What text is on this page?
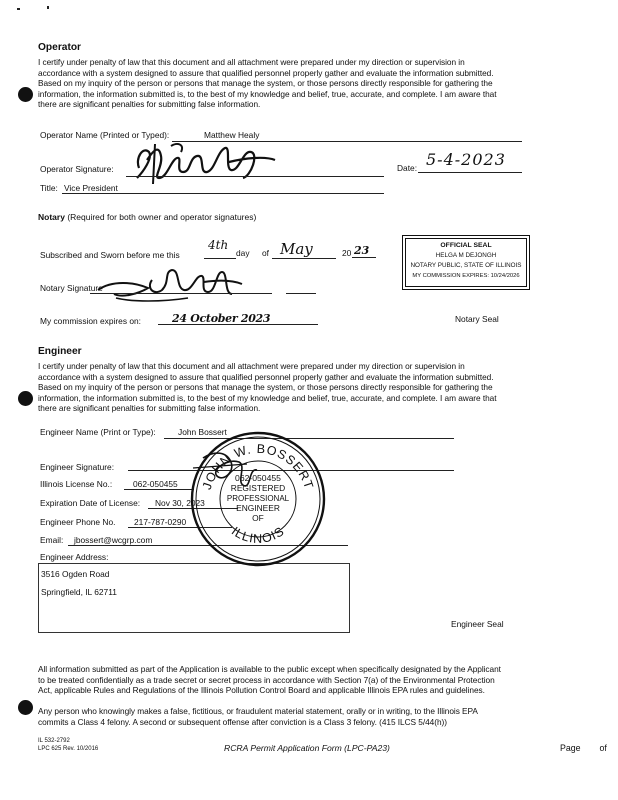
Operator
I certify under penalty of law that this document and all attachment were prepared under my direction or supervision in
accordance with a system designed to assure that qualified personnel properly gather and evaluate the information submitted.
Based on my inquiry of the person or persons that manage the system, or those persons directly responsible for gathering the
information, the information submitted is, to the best of my knowledge and belief, true, accurate, and complete. I am aware that
there are significant penalties for submitting false information.
Operator Name (Printed or Typed):	Matthew Healy
Operator Signature:	Date: 5-4-2023
Title: Vice President
Notary (Required for both owner and operator signatures)
Subscribed and Sworn before me this
4th
day of May	20 23	OFFICIAL SEAL
HELGA M DEJONGH
NOTARY PUBLIC, STATE OF ILLINOIS
MY COMMISSION EXPIRES: 10/24/2026
Notary Signature
My commission expires on:	24 October 2023	Notary Seal
Engineer
I certify under penalty of law that this document and all attachment were prepared under my direction or supervision in
accordance with a system designed to assure that qualified personnel properly gather and evaluate the information submitted.
Based on my inquiry of the person or persons that manage the system, or those persons directly responsible for gathering the
information, the information submitted is, to the best of my knowledge and belief, true, accurate, and complete. I am aware that
there are significant penalties for submitting false information.
Engineer Name (Print or Type):	John Bossert
Engineer Signature:
Illinois License No.: 062-050455
Expiration Date of License: Nov 30, 2023
Engineer Phone No. 217-787-0290
Email: jbossert@wcgrp.com
Engineer Address:
3516 Ogden Road
Springfield, IL 62711
JOHN W. BOSSERT
ILLINOIS
062-050455
REGISTERED
PROFESSIONAL
ENGINEER
OF
Engineer Seal
All information submitted as part of the Application is available to the public except when specifically designated by the Applicant
to be treated confidentially as a trade secret or secret process in accordance with Section 7(a) of the Environmental Protection
Act, applicable Rules and Regulations of the Illinois Pollution Control Board and applicable Illinois EPA rules and guidelines.
Any person who knowingly makes a false, fictitious, or fraudulent material statement, orally or in writing, to the Illinois EPA
commits a Class 4 felony. A second or subsequent offense after conviction is a Class 3 felony. (415 ILCS 5/44(h))
IL 532-2792
LPC 625 Rev. 10/2016	RCRA Permit Application Form (LPC-PA23)	Page of
